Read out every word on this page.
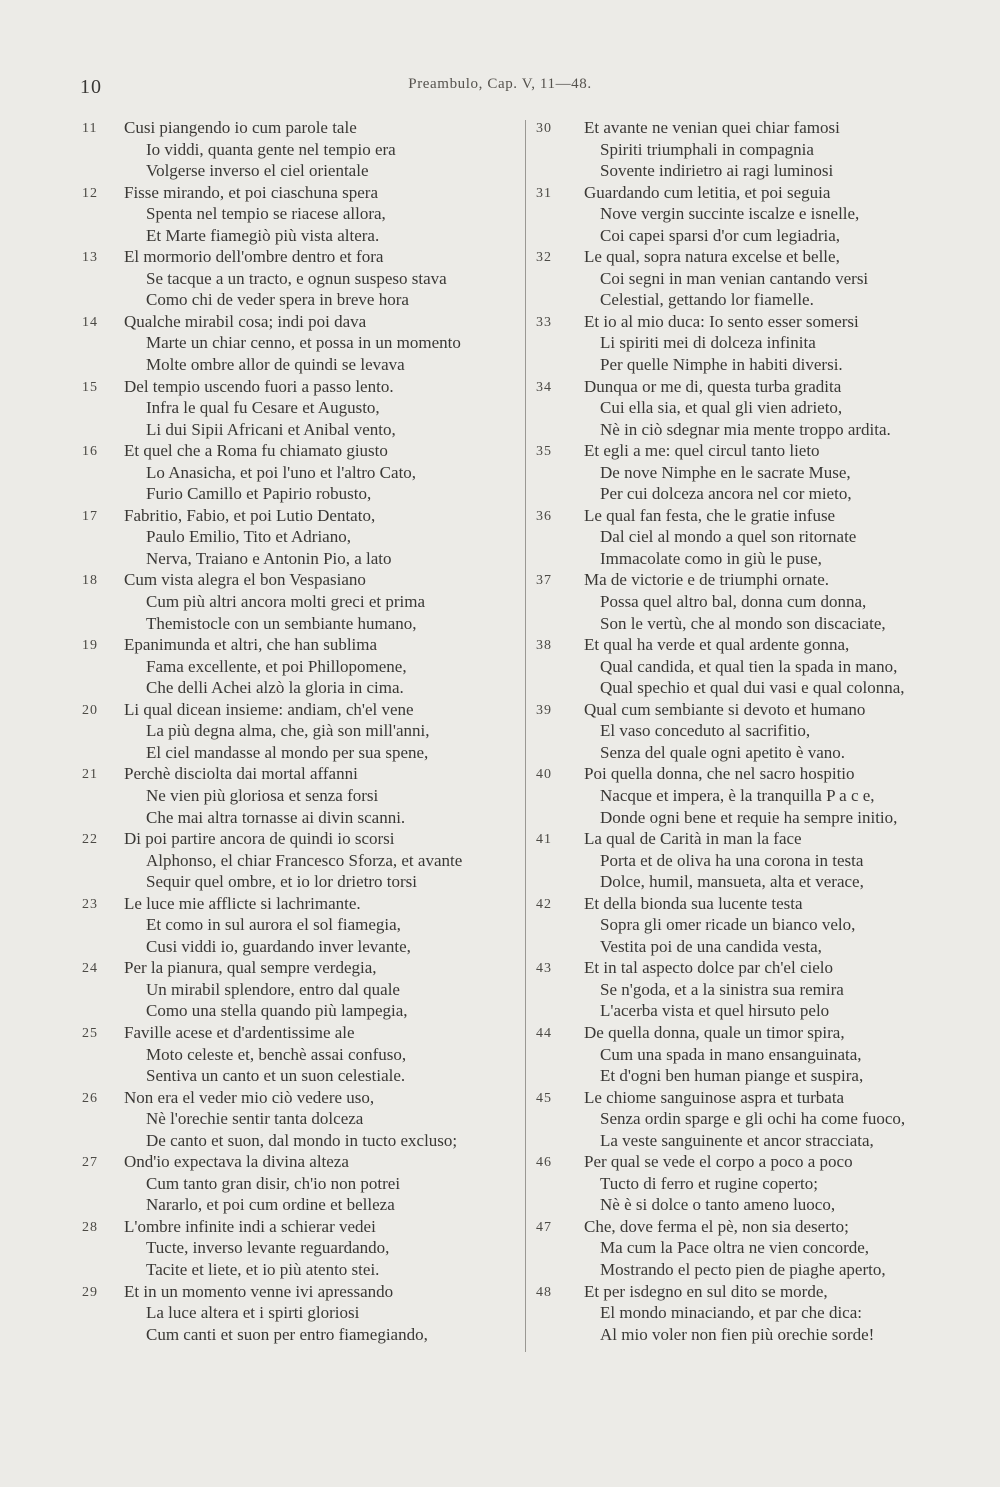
10	Preambulo, Cap. V, 11—48.
11	Cusi piangendo io cum parole tale
Io viddi, quanta gente nel tempio era
Volgerse inverso el ciel orientale
12	Fisse mirando, et poi ciaschuna spera
Spenta nel tempio se riacese allora,
Et Marte fiamegiò più vista altera.
13	El mormorio dell'ombre dentro et fora
Se tacque a un tracto, e ognun suspeso stava
Como chi de veder spera in breve hora
14	Qualche mirabil cosa; indi poi dava
Marte un chiar cenno, et possa in un momento
Molte ombre allor de quindi se levava
15	Del tempio uscendo fuori a passo lento.
Infra le qual fu Cesare et Augusto,
Li dui Sipii Africani et Anibal vento,
16	Et quel che a Roma fu chiamato giusto
Lo Anasicha, et poi l'uno et l'altro Cato,
Furio Camillo et Papirio robusto,
17	Fabritio, Fabio, et poi Lutio Dentato,
Paulo Emilio, Tito et Adriano,
Nerva, Traiano e Antonin Pio, a lato
18	Cum vista alegra el bon Vespasiano
Cum più altri ancora molti greci et prima
Themistocle con un sembiante humano,
19	Epanimunda et altri, che han sublima
Fama excellente, et poi Phillopomene,
Che delli Achei alzò la gloria in cima.
20	Li qual dicean insieme: andiam, ch'el vene
La più degna alma, che, già son mill'anni,
El ciel mandasse al mondo per sua spene,
21	Perchè disciolta dai mortal affanni
Ne vien più gloriosa et senza forsi
Che mai altra tornasse ai divin scanni.
22	Di poi partire ancora de quindi io scorsi
Alphonso, el chiar Francesco Sforza, et avante
Sequir quel ombre, et io lor drietro torsi
23	Le luce mie afflicte si lachrimante.
Et como in sul aurora el sol fiamegia,
Cusi viddi io, guardando inver levante,
24	Per la pianura, qual sempre verdegia,
Un mirabil splendore, entro dal quale
Como una stella quando più lampegia,
25	Faville acese et d'ardentissime ale
Moto celeste et, benchè assai confuso,
Sentiva un canto et un suon celestiale.
26	Non era el veder mio ciò vedere uso,
Nè l'orechie sentir tanta dolceza
De canto et suon, dal mondo in tucto excluso;
27	Ond'io expectava la divina alteza
Cum tanto gran disir, ch'io non potrei
Nararlo, et poi cum ordine et belleza
28	L'ombre infinite indi a schierar vedei
Tucte, inverso levante reguardando,
Tacite et liete, et io più atento stei.
29	Et in un momento venne ivi apressando
La luce altera et i spirti gloriosi
Cum canti et suon per entro fiamegiando,
30	Et avante ne venian quei chiar famosi
Spiriti triumphali in compagnia
Sovente indirietro ai ragi luminosi
31	Guardando cum letitia, et poi seguia
Nove vergin succinte iscalze e isnelle,
Coi capei sparsi d'or cum legiadria,
32	Le qual, sopra natura excelse et belle,
Coi segni in man venian cantando versi
Celestial, gettando lor fiamelle.
33	Et io al mio duca: Io sento esser somersi
Li spiriti mei di dolceza infinita
Per quelle Nimphe in habiti diversi.
34	Dunqua or me di, questa turba gradita
Cui ella sia, et qual gli vien adrieto,
Nè in ciò sdegnar mia mente troppo ardita.
35	Et egli a me: quel circul tanto lieto
De nove Nimphe en le sacrate Muse,
Per cui dolceza ancora nel cor mieto,
36	Le qual fan festa, che le gratie infuse
Dal ciel al mondo a quel son ritornate
Immacolate como in giù le puse,
37	Ma de victorie e de triumphi ornate.
Possa quel altro bal, donna cum donna,
Son le vertù, che al mondo son discaciate,
38	Et qual ha verde et qual ardente gonna,
Qual candida, et qual tien la spada in mano,
Qual spechio et qual dui vasi e qual colonna,
39	Qual cum sembiante si devoto et humano
El vaso conceduto al sacrifitio,
Senza del quale ogni apetito è vano.
40	Poi quella donna, che nel sacro hospitio
Nacque et impera, è la tranquilla P a c e,
Donde ogni bene et requie ha sempre initio,
41	La qual de Carità in man la face
Porta et de oliva ha una corona in testa
Dolce, humil, mansueta, alta et verace,
42	Et della bionda sua lucente testa
Sopra gli omer ricade un bianco velo,
Vestita poi de una candida vesta,
43	Et in tal aspecto dolce par ch'el cielo
Se n'goda, et a la sinistra sua remira
L'acerba vista et quel hirsuto pelo
44	De quella donna, quale un timor spira,
Cum una spada in mano ensanguinata,
Et d'ogni ben human piange et suspira,
45	Le chiome sanguinose aspra et turbata
Senza ordin sparge e gli ochi ha come fuoco,
La veste sanguinente et ancor stracciata,
46	Per qual se vede el corpo a poco a poco
Tucto di ferro et rugine coperto;
Nè è si dolce o tanto ameno luoco,
47	Che, dove ferma el pè, non sia deserto;
Ma cum la Pace oltra ne vien concorde,
Mostrando el pecto pien de piaghe aperto,
48	Et per isdegno en sul dito se morde,
El mondo minaciando, et par che dica:
Al mio voler non fien più orechie sorde!
